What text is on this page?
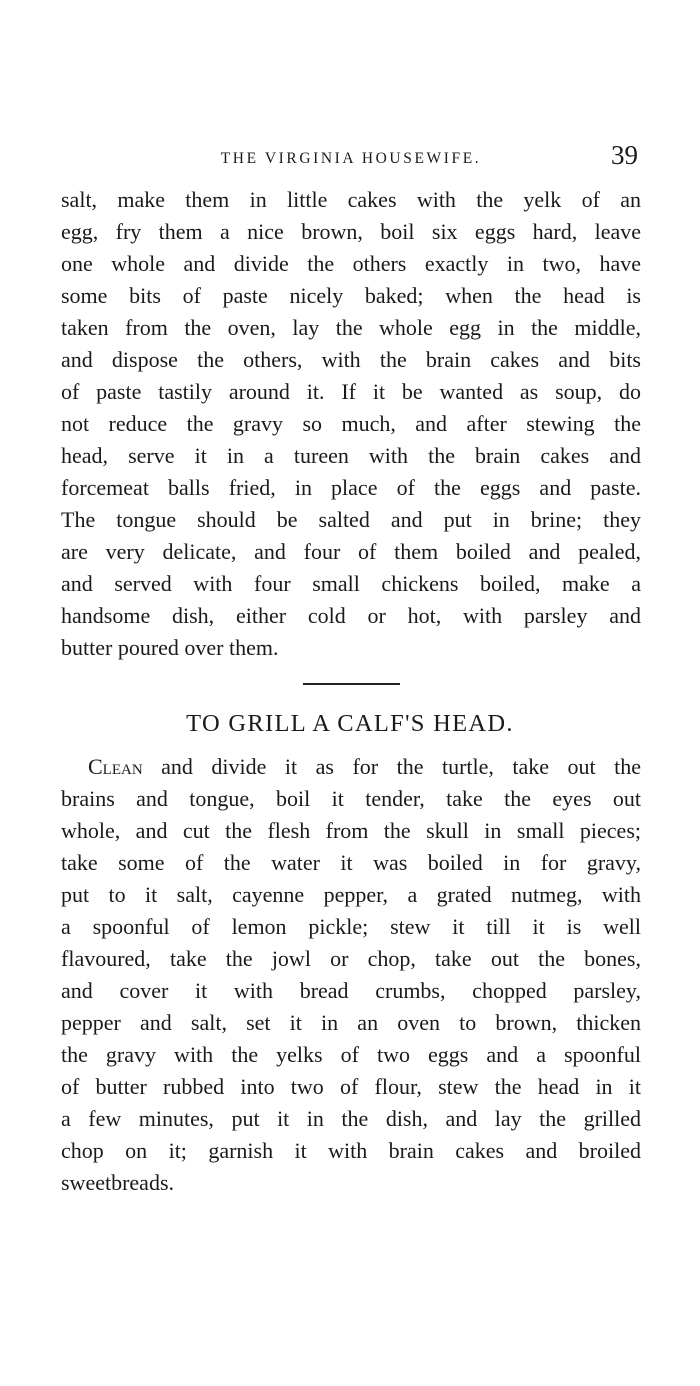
THE VIRGINIA HOUSEWIFE.	39
salt, make them in little cakes with the yelk of an
egg, fry them a nice brown, boil six eggs hard, leave
one whole and divide the others exactly in two, have
some bits of paste nicely baked; when the head is
taken from the oven, lay the whole egg in the middle,
and dispose the others, with the brain cakes and bits
of paste tastily around it. If it be wanted as soup, do
not reduce the gravy so much, and after stewing the
head, serve it in a tureen with the brain cakes and
forcemeat balls fried, in place of the eggs and paste.
The tongue should be salted and put in brine; they
are very delicate, and four of them boiled and pealed,
and served with four small chickens boiled, make a
handsome dish, either cold or hot, with parsley and
butter poured over them.
TO GRILL A CALF'S HEAD.
Clean and divide it as for the turtle, take out the
brains and tongue, boil it tender, take the eyes out
whole, and cut the flesh from the skull in small pieces;
take some of the water it was boiled in for gravy,
put to it salt, cayenne pepper, a grated nutmeg, with
a spoonful of lemon pickle; stew it till it is well
flavoured, take the jowl or chop, take out the bones,
and cover it with bread crumbs, chopped parsley,
pepper and salt, set it in an oven to brown, thicken
the gravy with the yelks of two eggs and a spoonful
of butter rubbed into two of flour, stew the head in it
a few minutes, put it in the dish, and lay the grilled
chop on it; garnish it with brain cakes and broiled
sweetbreads.
